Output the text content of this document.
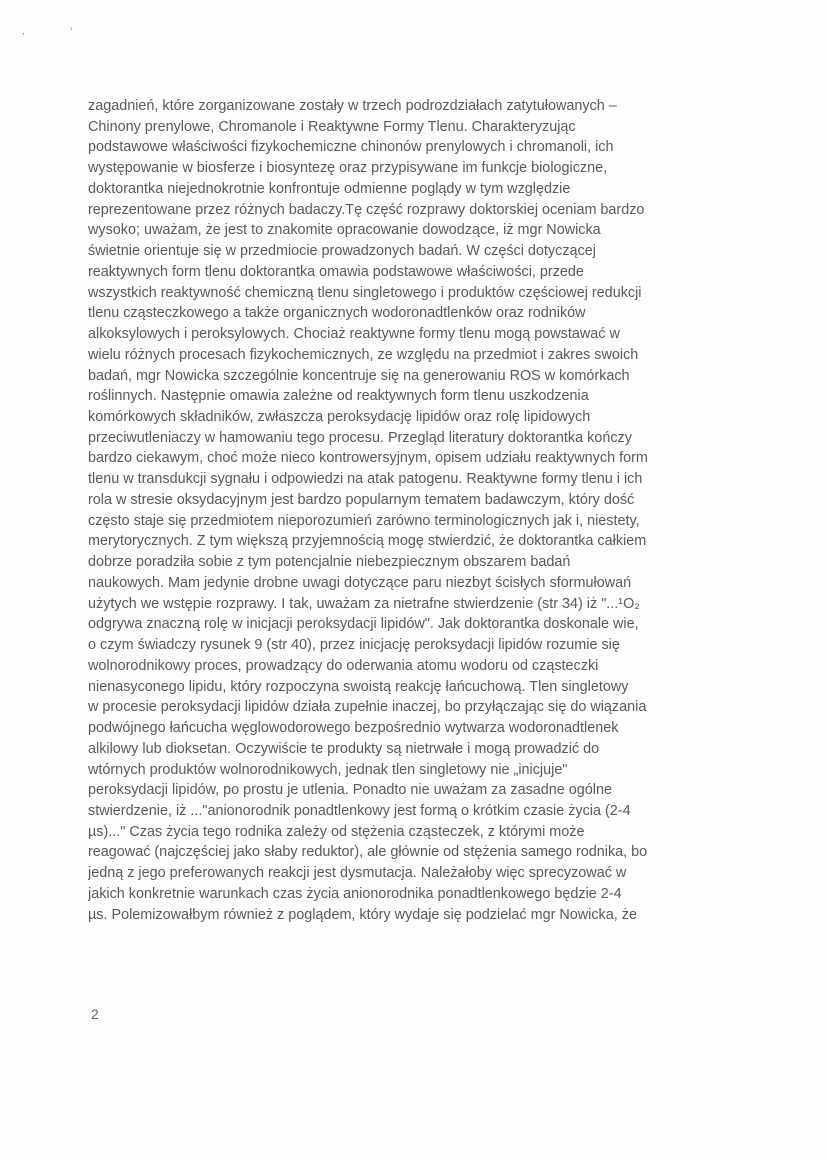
,	'
zagadnień, które zorganizowane zostały w trzech podrozdziałach zatytułowanych –
Chinony prenylowe, Chromanole i Reaktywne Formy Tlenu. Charakteryzując
podstawowe właściwości fizykochemiczne chinonów prenylowych i chromanoli, ich
występowanie w biosferze i biosyntezę oraz przypisywane im funkcje biologiczne,
doktorantka niejednokrotnie konfrontuje odmienne poglądy w tym względzie
reprezentowane przez różnych badaczy.Tę część rozprawy doktorskiej oceniam bardzo
wysoko; uważam, że jest to znakomite opracowanie dowodzące, iż mgr Nowicka
świetnie orientuje się w przedmiocie prowadzonych badań. W części dotyczącej
reaktywnych form tlenu doktorantka omawia podstawowe właściwości, przede
wszystkich reaktywność chemiczną tlenu singletowego i produktów częściowej redukcji
tlenu cząsteczkowego a także organicznych wodoronadtlenków oraz rodników
alkoksylowych i peroksylowych. Chociaż reaktywne formy tlenu mogą powstawać w
wielu różnych procesach fizykochemicznych, ze względu na przedmiot i zakres swoich
badań, mgr Nowicka szczególnie koncentruje się na generowaniu ROS w komórkach
roślinnych. Następnie omawia zależne od reaktywnych form tlenu uszkodzenia
komórkowych składników, zwłaszcza peroksydację lipidów oraz rolę lipidowych
przeciwutleniaczy w hamowaniu tego procesu. Przegląd literatury doktorantka kończy
bardzo ciekawym, choć może nieco kontrowersyjnym, opisem udziału reaktywnych form
tlenu w transdukcji sygnału i odpowiedzi na atak patogenu. Reaktywne formy tlenu i ich
rola w stresie oksydacyjnym jest bardzo popularnym tematem badawczym, który dość
często staje się przedmiotem nieporozumień zarówno terminologicznych jak i, niestety,
merytorycznych. Z tym większą przyjemnością mogę stwierdzić, że doktorantka całkiem
dobrze poradziła sobie z tym potencjalnie niebezpiecznym obszarem badań
naukowych. Mam jedynie drobne uwagi dotyczące paru niezbyt ścisłych sformułowań
użytych we wstępie rozprawy. I tak, uważam za nietrafne stwierdzenie (str 34) iż "...¹O₂
odgrywa znaczną rolę w inicjacji peroksydacji lipidów". Jak doktorantka doskonale wie,
o czym świadczy rysunek 9 (str 40), przez inicjację peroksydacji lipidów rozumie się
wolnorodnikowy proces, prowadzący do oderwania atomu wodoru od cząsteczki
nienasyconego lipidu, który rozpoczyna swoistą reakcję łańcuchową. Tlen singletowy
w procesie peroksydacji lipidów działa zupełnie inaczej, bo przyłączając się do wiązania
podwójnego łańcucha węglowodorowego bezpośrednio wytwarza wodoronadtlenek
alkilowy lub dioksetan. Oczywiście te produkty są nietrwałe i mogą prowadzić do
wtórnych produktów wolnorodnikowych, jednak tlen singletowy nie „inicjuje"
peroksydacji lipidów, po prostu je utlenia. Ponadto nie uważam za zasadne ogólne
stwierdzenie, iż ..."anionorodnik ponadtlenkowy jest formą o krótkim czasie życia (2-4
µs)..." Czas życia tego rodnika zależy od stężenia cząsteczek, z którymi może
reagować (najczęściej jako słaby reduktor), ale głównie od stężenia samego rodnika, bo
jedną z jego preferowanych reakcji jest dysmutacja. Należałoby więc sprecyzować w
jakich konkretnie warunkach czas życia anionorodnika ponadtlenkowego będzie 2-4
µs. Polemizowałbym również z poglądem, który wydaje się podzielać mgr Nowicka, że

2
